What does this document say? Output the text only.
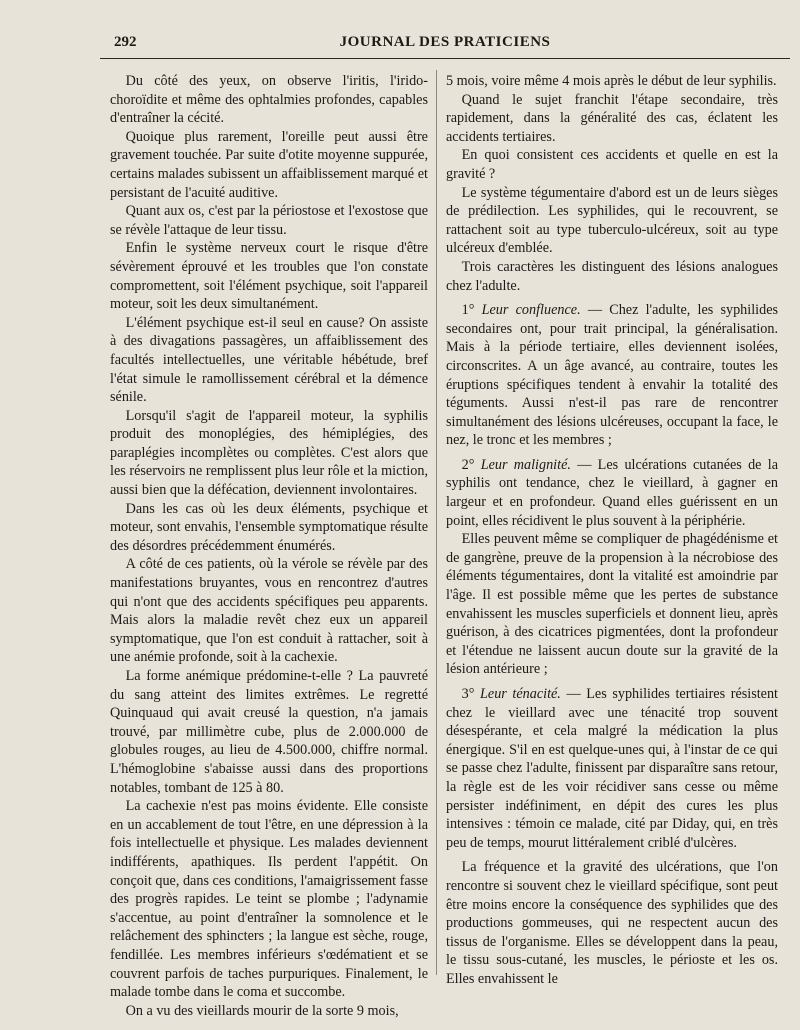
292	JOURNAL DES PRATICIENS

Du côté des yeux, on observe l'iritis, l'irido-choroïdite et même des ophtalmies profondes, capables d'entraîner la cécité.

Quoique plus rarement, l'oreille peut aussi être gravement touchée. Par suite d'otite moyenne suppurée, certains malades subissent un affaiblissement marqué et persistant de l'acuité auditive.

Quant aux os, c'est par la périostose et l'exostose que se révèle l'attaque de leur tissu.

Enfin le système nerveux court le risque d'être sévèrement éprouvé et les troubles que l'on constate compromettent, soit l'élément psychique, soit l'appareil moteur, soit les deux simultanément.

L'élément psychique est-il seul en cause? On assiste à des divagations passagères, un affaiblissement des facultés intellectuelles, une véritable hébétude, bref l'état simule le ramollissement cérébral et la démence sénile.

Lorsqu'il s'agit de l'appareil moteur, la syphilis produit des monoplégies, des hémiplégies, des paraplégies incomplètes ou complètes. C'est alors que les réservoirs ne remplissent plus leur rôle et la miction, aussi bien que la défécation, deviennent involontaires.

Dans les cas où les deux éléments, psychique et moteur, sont envahis, l'ensemble symptomatique résulte des désordres précédemment énumérés.

A côté de ces patients, où la vérole se révèle par des manifestations bruyantes, vous en rencontrez d'autres qui n'ont que des accidents spécifiques peu apparents. Mais alors la maladie revêt chez eux un appareil symptomatique, que l'on est conduit à rattacher, soit à une anémie profonde, soit à la cachexie.

La forme anémique prédomine-t-elle ? La pauvreté du sang atteint des limites extrêmes. Le regretté Quinquaud qui avait creusé la question, n'a jamais trouvé, par millimètre cube, plus de 2.000.000 de globules rouges, au lieu de 4.500.000, chiffre normal. L'hémoglobine s'abaisse aussi dans des proportions notables, tombant de 125 à 80.

La cachexie n'est pas moins évidente. Elle consiste en un accablement de tout l'être, en une dépression à la fois intellectuelle et physique. Les malades deviennent indifférents, apathiques. Ils perdent l'appétit. On conçoit que, dans ces conditions, l'amaigrissement fasse des progrès rapides. Le teint se plombe ; l'adynamie s'accentue, au point d'entraîner la somnolence et le relâchement des sphincters ; la langue est sèche, rouge, fendillée. Les membres inférieurs s'œdématient et se couvrent parfois de taches purpuriques. Finalement, le malade tombe dans le coma et succombe.

On a vu des vieillards mourir de la sorte 9 mois,

5 mois, voire même 4 mois après le début de leur syphilis.

Quand le sujet franchit l'étape secondaire, très rapidement, dans la généralité des cas, éclatent les accidents tertiaires.

En quoi consistent ces accidents et quelle en est la gravité ?

Le système tégumentaire d'abord est un de leurs sièges de prédilection. Les syphilides, qui le recouvrent, se rattachent soit au type tuberculo-ulcéreux, soit au type ulcéreux d'emblée.

Trois caractères les distinguent des lésions analogues chez l'adulte.

1° Leur confluence. — Chez l'adulte, les syphilides secondaires ont, pour trait principal, la généralisation. Mais à la période tertiaire, elles deviennent isolées, circonscrites. A un âge avancé, au contraire, toutes les éruptions spécifiques tendent à envahir la totalité des téguments. Aussi n'est-il pas rare de rencontrer simultanément des lésions ulcéreuses, occupant la face, le nez, le tronc et les membres ;

2° Leur malignité. — Les ulcérations cutanées de la syphilis ont tendance, chez le vieillard, à gagner en largeur et en profondeur. Quand elles guérissent en un point, elles récidivent le plus souvent à la périphérie.

Elles peuvent même se compliquer de phagédénisme et de gangrène, preuve de la propension à la nécrobiose des éléments tégumentaires, dont la vitalité est amoindrie par l'âge. Il est possible même que les pertes de substance envahissent les muscles superficiels et donnent lieu, après guérison, à des cicatrices pigmentées, dont la profondeur et l'étendue ne laissent aucun doute sur la gravité de la lésion antérieure ;

3° Leur ténacité. — Les syphilides tertiaires résistent chez le vieillard avec une ténacité trop souvent désespérante, et cela malgré la médication la plus énergique. S'il en est quelque-unes qui, à l'instar de ce qui se passe chez l'adulte, finissent par disparaître sans retour, la règle est de les voir récidiver sans cesse ou même persister indéfiniment, en dépit des cures les plus intensives : témoin ce malade, cité par Diday, qui, en très peu de temps, mourut littéralement criblé d'ulcères.

La fréquence et la gravité des ulcérations, que l'on rencontre si souvent chez le vieillard spécifique, sont peut être moins encore la conséquence des syphilides que des productions gommeuses, qui ne respectent aucun des tissus de l'organisme. Elles se développent dans la peau, le tissu sous-cutané, les muscles, le périoste et les os. Elles envahissent le
